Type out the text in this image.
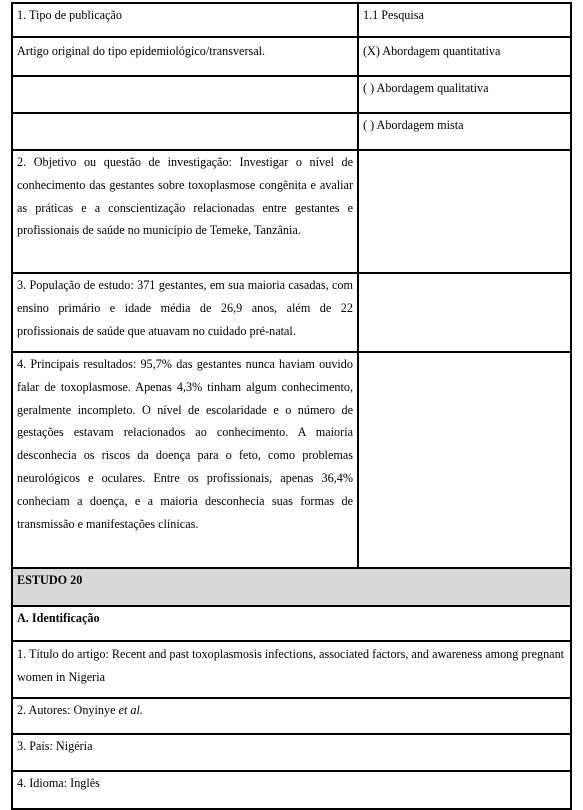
1. Tipo de publicação	1.1 Pesquisa
Artigo original do tipo epidemiológico/transversal.	(X) Abordagem quantitativa
( ) Abordagem qualitativa
( ) Abordagem mista
2. Objetivo ou questão de investigação: Investigar o nível de conhecimento das gestantes sobre toxoplasmose congênita e avaliar as práticas e a conscientização relacionadas entre gestantes e profissionais de saúde no município de Temeke, Tanzânia.
3. População de estudo: 371 gestantes, em sua maioria casadas, com ensino primário e idade média de 26,9 anos, além de 22 profissionais de saúde que atuavam no cuidado pré-natal.
4. Principais resultados: 95,7% das gestantes nunca haviam ouvido falar de toxoplasmose. Apenas 4,3% tinham algum conhecimento, geralmente incompleto. O nível de escolaridade e o número de gestações estavam relacionados ao conhecimento. A maioria desconhecia os riscos da doença para o feto, como problemas neurológicos e oculares. Entre os profissionais, apenas 36,4% conheciam a doença, e a maioria desconhecia suas formas de transmissão e manifestações clínicas.
ESTUDO 20
A. Identificação
1. Título do artigo: Recent and past toxoplasmosis infections, associated factors, and awareness among pregnant women in Nigeria
2. Autores: Onyinye et al.
3. País: Nigéria
4. Idioma: Inglês
